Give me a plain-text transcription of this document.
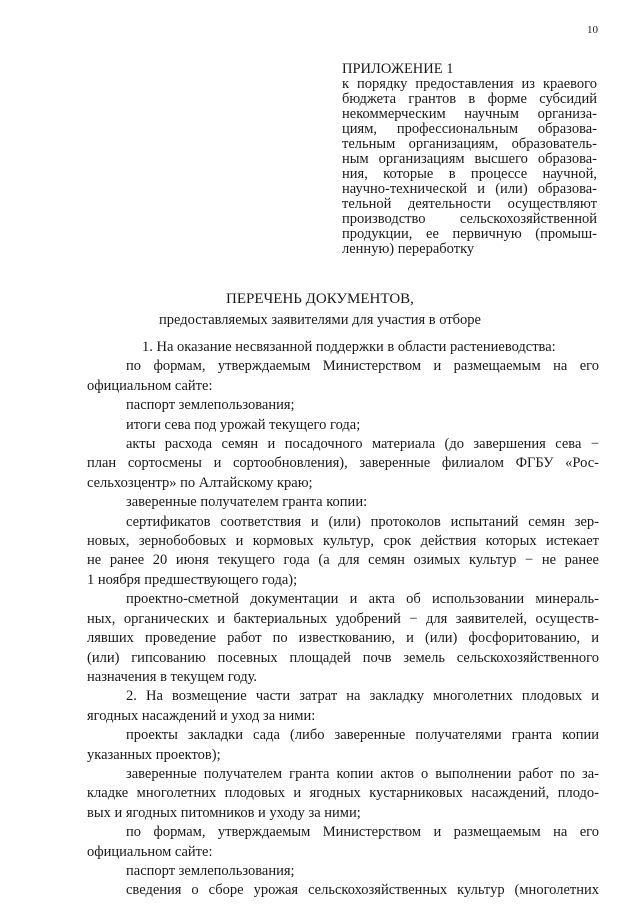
10
ПРИЛОЖЕНИЕ 1
к порядку предоставления из краевого
бюджета грантов в форме субсидий
некоммерческим научным организа-
циям, профессиональным образова-
тельным организациям, образователь-
ным организациям высшего образова-
ния, которые в процессе научной,
научно-технической и (или) образова-
тельной деятельности осуществляют
производство сельскохозяйственной
продукции, ее первичную (промыш-
ленную) переработку
ПЕРЕЧЕНЬ ДОКУМЕНТОВ,
предоставляемых заявителями для участия в отборе
1. На оказание несвязанной поддержки в области растениеводства:
по формам, утверждаемым Министерством и размещаемым на его
официальном сайте:
паспорт землепользования;
итоги сева под урожай текущего года;
акты расхода семян и посадочного материала (до завершения сева −
план сортосмены и сортообновления), заверенные филиалом ФГБУ «Рос-
сельхозцентр» по Алтайскому краю;
заверенные получателем гранта копии:
сертификатов соответствия и (или) протоколов испытаний семян зер-
новых, зернобобовых и кормовых культур, срок действия которых истекает
не ранее 20 июня текущего года (а для семян озимых культур − не ранее
1 ноября предшествующего года);
проектно-сметной документации и акта об использовании минераль-
ных, органических и бактериальных удобрений − для заявителей, осуществ-
лявших проведение работ по известкованию, и (или) фосфоритованию, и
(или) гипсованию посевных площадей почв земель сельскохозяйственного
назначения в текущем году.
2. На возмещение части затрат на закладку многолетних плодовых и
ягодных насаждений и уход за ними:
проекты закладки сада (либо заверенные получателями гранта копии
указанных проектов);
заверенные получателем гранта копии актов о выполнении работ по за-
кладке многолетних плодовых и ягодных кустарниковых насаждений, плодо-
вых и ягодных питомников и уходу за ними;
по формам, утверждаемым Министерством и размещаемым на его
официальном сайте:
паспорт землепользования;
сведения о сборе урожая сельскохозяйственных культур (многолетних
